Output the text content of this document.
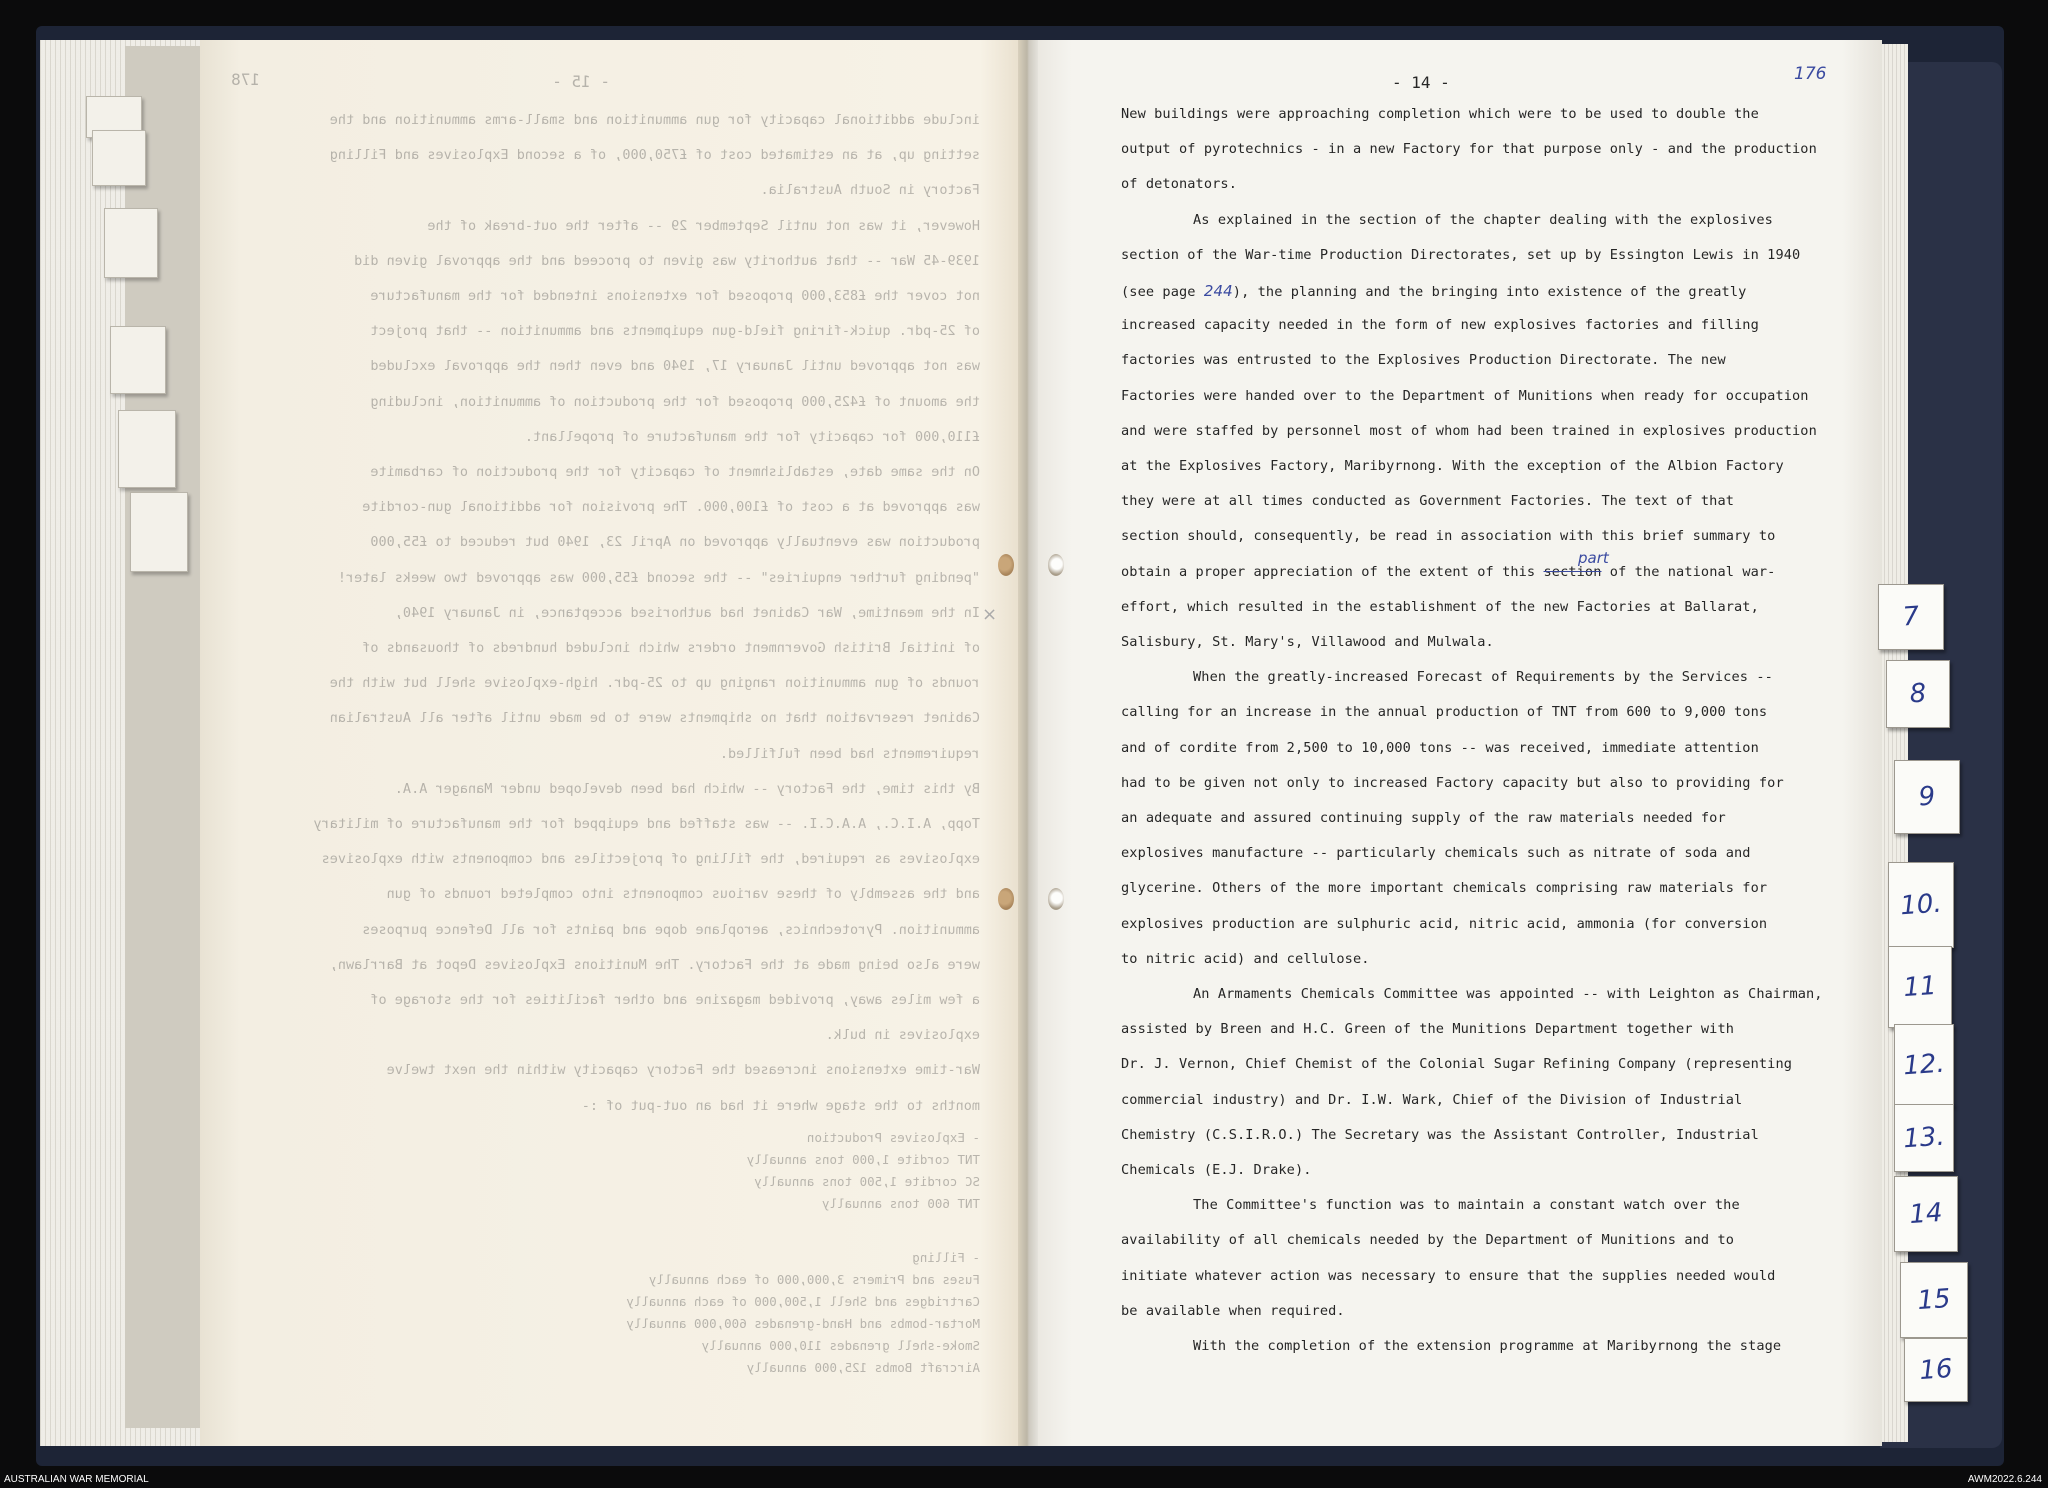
×
- 15 -
178
include additional capacity for gun ammunition and small-arms ammunition and the
setting up, at an estimated cost of £750,000, of a second Explosives and Filling
Factory in South Australia.
However, it was not until September 29 -- after the out-break of the
1939-45 War -- that authority was given to proceed and the approval given did
not cover the £853,000 proposed for extensions intended for the manufacture
of 25-pdr. quick-firing field-gun equipments and ammunition -- that project
was not approved until January 17, 1940 and even then the approval excluded
the amount of £425,000 proposed for the production of ammunition, including
£110,000 for capacity for the manufacture of propellant.
On the same date, establishment of capacity for the production of carbamite
was approved at a cost of £100,000. The provision for additional gun-cordite
production was eventually approved on April 23, 1940 but reduced to £55,000
"pending further enquiries" -- the second £55,000 was approved two weeks later!
In the meantime, War Cabinet had authorised acceptance, in January 1940,
of initial British Government orders which included hundreds of thousands of
rounds of gun ammunition ranging up to 25-pdr. high-explosive shell but with the
Cabinet reservation that no shipments were to be made until after all Australian
requirements had been fulfilled.
By this time, the Factory -- which had been developed under Manager A.A.
Topp, A.I.C., A.A.C.I. -- was staffed and equipped for the manufacture of military
explosives as required, the filling of projectiles and components with explosives
and the assembly of these various components into completed rounds of gun
ammunition. Pyrotechnics, aeroplane dope and paints for all Defence purposes
were also being made at the Factory. The Munitions Explosives Depot at Barrlawn,
a few miles away, provided magazine and other facilities for the storage of
explosives in bulk.
War-time extensions increased the Factory capacity within the next twelve
months to the stage where it had an out-put of :-
- Explosives Production
TNT cordite 1,000 tons annually
SC cordite 1,500 tons annually
TNT 600 tons annually
- Filling
Fuses and Primers 3,000,000 of each annually
Cartridges and Shell 1,500,000 of each annually
Mortar-bombs and Hand-grenades 600,000 annually
Smoke-shell grenades 110,000 annually
Aircraft Bombs 125,000 annually
- 14 -	176
New buildings were approaching completion which were to be used to double the
output of pyrotechnics - in a new Factory for that purpose only - and the production
of detonators.
As explained in the section of the chapter dealing with the explosives
section of the War-time Production Directorates, set up by Essington Lewis in 1940
(see page 244), the planning and the bringing into existence of the greatly
increased capacity needed in the form of new explosives factories and filling
factories was entrusted to the Explosives Production Directorate. The new
Factories were handed over to the Department of Munitions when ready for occupation
and were staffed by personnel most of whom had been trained in explosives production
at the Explosives Factory, Maribyrnong. With the exception of the Albion Factory
they were at all times conducted as Government Factories. The text of that
section should, consequently, be read in association with this brief summary to
part
obtain a proper appreciation of the extent of this section of the national war-
effort, which resulted in the establishment of the new Factories at Ballarat,
Salisbury, St. Mary's, Villawood and Mulwala.
When the greatly-increased Forecast of Requirements by the Services --
calling for an increase in the annual production of TNT from 600 to 9,000 tons
and of cordite from 2,500 to 10,000 tons -- was received, immediate attention
had to be given not only to increased Factory capacity but also to providing for
an adequate and assured continuing supply of the raw materials needed for
explosives manufacture -- particularly chemicals such as nitrate of soda and
glycerine. Others of the more important chemicals comprising raw materials for
explosives production are sulphuric acid, nitric acid, ammonia (for conversion
to nitric acid) and cellulose.
An Armaments Chemicals Committee was appointed -- with Leighton as Chairman,
assisted by Breen and H.C. Green of the Munitions Department together with
Dr. J. Vernon, Chief Chemist of the Colonial Sugar Refining Company (representing
commercial industry) and Dr. I.W. Wark, Chief of the Division of Industrial
Chemistry (C.S.I.R.O.) The Secretary was the Assistant Controller, Industrial
Chemicals (E.J. Drake).
The Committee's function was to maintain a constant watch over the
availability of all chemicals needed by the Department of Munitions and to
initiate whatever action was necessary to ensure that the supplies needed would
be available when required.
With the completion of the extension programme at Maribyrnong the stage
7
8
9
10.
11
12.
13.
14
15
16
AUSTRALIAN WAR MEMORIAL	AWM2022.6.244
